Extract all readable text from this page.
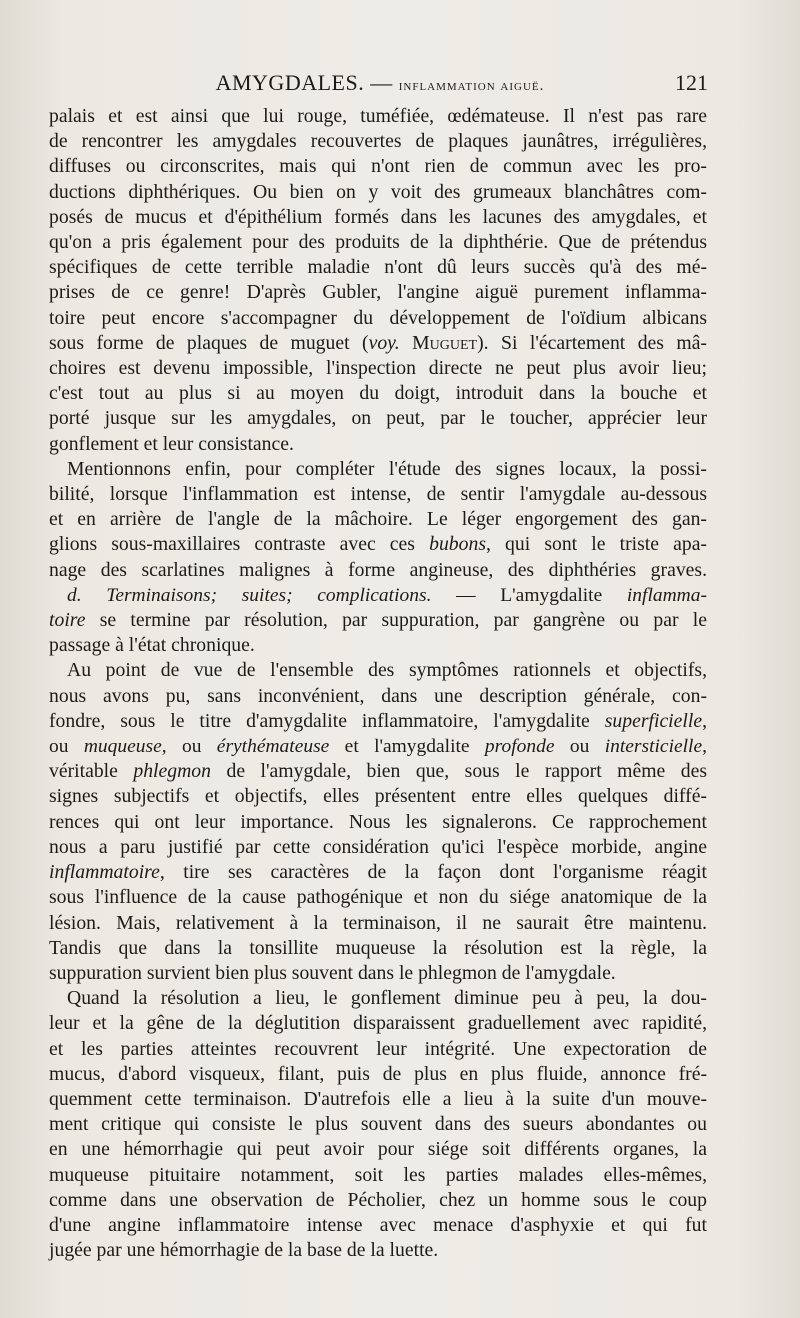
AMYGDALES. — inflammation aiguë.	121
palais et est ainsi que lui rouge, tuméfiée, œdémateuse. Il n'est pas rare
de rencontrer les amygdales recouvertes de plaques jaunâtres, irrégulières,
diffuses ou circonscrites, mais qui n'ont rien de commun avec les pro-
ductions diphthériques. Ou bien on y voit des grumeaux blanchâtres com-
posés de mucus et d'épithélium formés dans les lacunes des amygdales, et
qu'on a pris également pour des produits de la diphthérie. Que de prétendus
spécifiques de cette terrible maladie n'ont dû leurs succès qu'à des mé-
prises de ce genre! D'après Gubler, l'angine aiguë purement inflamma-
toire peut encore s'accompagner du développement de l'oïdium albicans
sous forme de plaques de muguet (voy. Muguet). Si l'écartement des mâ-
choires est devenu impossible, l'inspection directe ne peut plus avoir lieu;
c'est tout au plus si au moyen du doigt, introduit dans la bouche et
porté jusque sur les amygdales, on peut, par le toucher, apprécier leur
gonflement et leur consistance.
Mentionnons enfin, pour compléter l'étude des signes locaux, la possi-
bilité, lorsque l'inflammation est intense, de sentir l'amygdale au-dessous
et en arrière de l'angle de la mâchoire. Le léger engorgement des gan-
glions sous-maxillaires contraste avec ces bubons, qui sont le triste apa-
nage des scarlatines malignes à forme angineuse, des diphthéries graves.
d. Terminaisons; suites; complications. — L'amygdalite inflamma-
toire se termine par résolution, par suppuration, par gangrène ou par le
passage à l'état chronique.
Au point de vue de l'ensemble des symptômes rationnels et objectifs,
nous avons pu, sans inconvénient, dans une description générale, con-
fondre, sous le titre d'amygdalite inflammatoire, l'amygdalite superficielle,
ou muqueuse, ou érythémateuse et l'amygdalite profonde ou intersticielle,
véritable phlegmon de l'amygdale, bien que, sous le rapport même des
signes subjectifs et objectifs, elles présentent entre elles quelques diffé-
rences qui ont leur importance. Nous les signalerons. Ce rapprochement
nous a paru justifié par cette considération qu'ici l'espèce morbide, angine
inflammatoire, tire ses caractères de la façon dont l'organisme réagit
sous l'influence de la cause pathogénique et non du siége anatomique de la
lésion. Mais, relativement à la terminaison, il ne saurait être maintenu.
Tandis que dans la tonsillite muqueuse la résolution est la règle, la
suppuration survient bien plus souvent dans le phlegmon de l'amygdale.
Quand la résolution a lieu, le gonflement diminue peu à peu, la dou-
leur et la gêne de la déglutition disparaissent graduellement avec rapidité,
et les parties atteintes recouvrent leur intégrité. Une expectoration de
mucus, d'abord visqueux, filant, puis de plus en plus fluide, annonce fré-
quemment cette terminaison. D'autrefois elle a lieu à la suite d'un mouve-
ment critique qui consiste le plus souvent dans des sueurs abondantes ou
en une hémorrhagie qui peut avoir pour siége soit différents organes, la
muqueuse pituitaire notamment, soit les parties malades elles-mêmes,
comme dans une observation de Pécholier, chez un homme sous le coup
d'une angine inflammatoire intense avec menace d'asphyxie et qui fut
jugée par une hémorrhagie de la base de la luette.
